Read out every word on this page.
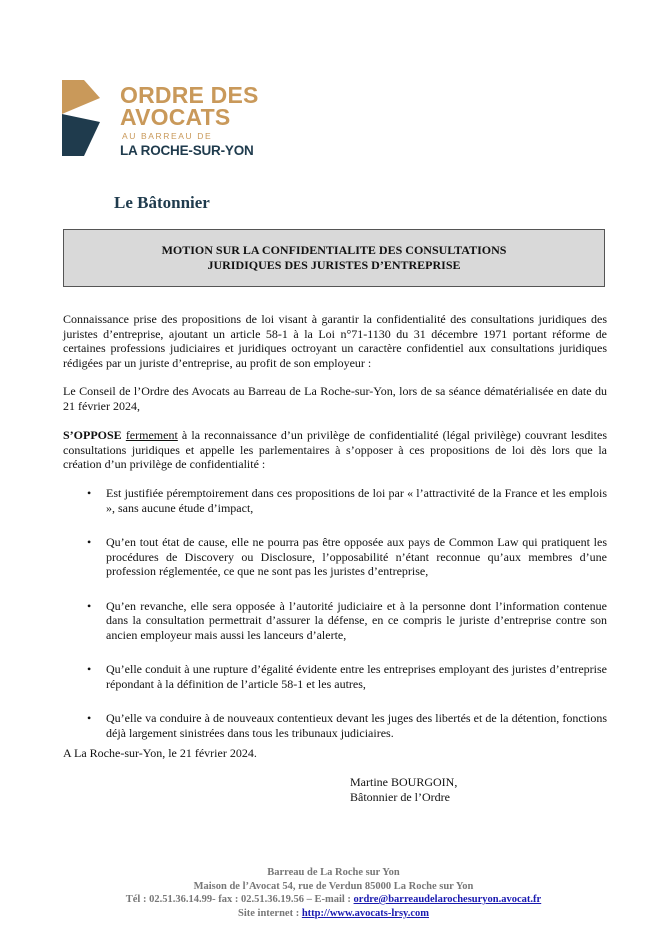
ORDRE DES
AVOCATS
AU BARREAU DE
LA ROCHE-SUR-YON
Le Bâtonnier
MOTION SUR LA CONFIDENTIALITE DES CONSULTATIONS
JURIDIQUES DES JURISTES D’ENTREPRISE
Connaissance prise des propositions de loi visant à garantir la confidentialité des consultations juridiques des juristes d’entreprise, ajoutant un article 58-1 à la Loi n°71-1130 du 31 décembre 1971 portant réforme de certaines professions judiciaires et juridiques octroyant un caractère confidentiel aux consultations juridiques rédigées par un juriste d’entreprise, au profit de son employeur :
Le Conseil de l’Ordre des Avocats au Barreau de La Roche-sur-Yon, lors de sa séance dématérialisée en date du 21 février 2024,
S’OPPOSE fermement à la reconnaissance d’un privilège de confidentialité (légal privilège) couvrant lesdites consultations juridiques et appelle les parlementaires à s’opposer à ces propositions de loi dès lors que la création d’un privilège de confidentialité :
• Est justifiée péremptoirement dans ces propositions de loi par « l’attractivité de la France et les emplois », sans aucune étude d’impact,
• Qu’en tout état de cause, elle ne pourra pas être opposée aux pays de Common Law qui pratiquent les procédures de Discovery ou Disclosure, l’opposabilité n’étant reconnue qu’aux membres d’une profession réglementée, ce que ne sont pas les juristes d’entreprise,
• Qu’en revanche, elle sera opposée à l’autorité judiciaire et à la personne dont l’information contenue dans la consultation permettrait d’assurer la défense, en ce compris le juriste d’entreprise contre son ancien employeur mais aussi les lanceurs d’alerte,
• Qu’elle conduit à une rupture d’égalité évidente entre les entreprises employant des juristes d’entreprise répondant à la définition de l’article 58-1 et les autres,
• Qu’elle va conduire à de nouveaux contentieux devant les juges des libertés et de la détention, fonctions déjà largement sinistrées dans tous les tribunaux judiciaires.
A La Roche-sur-Yon, le 21 février 2024.
Martine BOURGOIN,
Bâtonnier de l’Ordre
Barreau de La Roche sur Yon
Maison de l’Avocat 54, rue de Verdun 85000 La Roche sur Yon
Tél : 02.51.36.14.99- fax : 02.51.36.19.56 – E-mail : ordre@barreaudelarochesuryon.avocat.fr
Site internet : http://www.avocats-lrsy.com
